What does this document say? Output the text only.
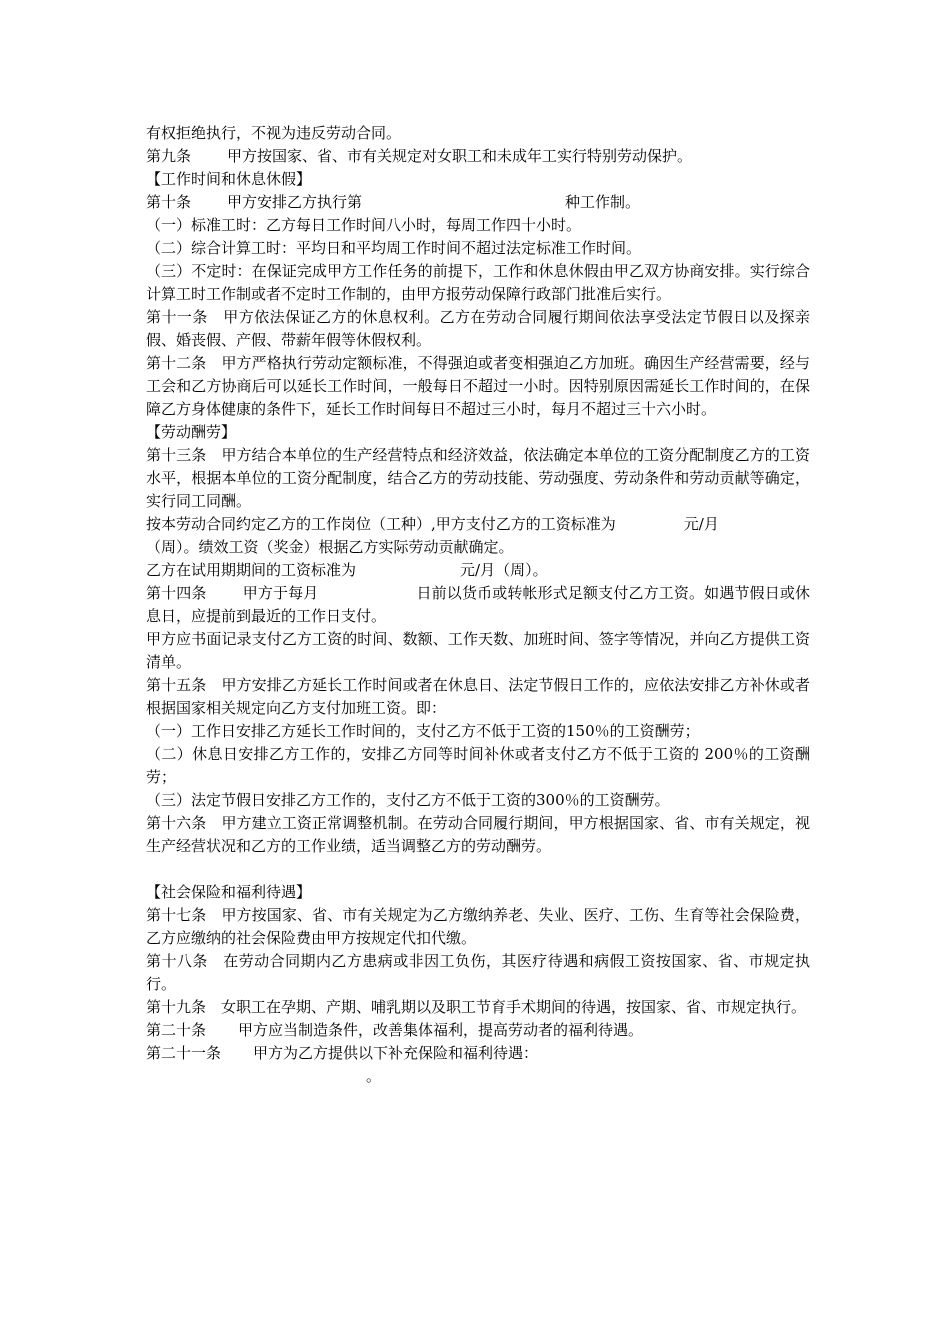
有权拒绝执行，不视为违反劳动合同。
第九条 甲方按国家、省、市有关规定对女职工和未成年工实行特别劳动保护。
【工作时间和休息休假】
第十条 甲方安排乙方执行第	种工作制。
（一）标准工时：乙方每日工作时间八小时，每周工作四十小时。
（二）综合计算工时：平均日和平均周工作时间不超过法定标准工作时间。
（三）不定时：在保证完成甲方工作任务的前提下，工作和休息休假由甲乙双方协商安排。实行综合计算工时工作制或者不定时工作制的，由甲方报劳动保障行政部门批准后实行。
第十一条 甲方依法保证乙方的休息权利。乙方在劳动合同履行期间依法享受法定节假日以及探亲假、婚丧假、产假、带薪年假等休假权利。
第十二条 甲方严格执行劳动定额标准，不得强迫或者变相强迫乙方加班。确因生产经营需要，经与工会和乙方协商后可以延长工作时间，一般每日不超过一小时。因特别原因需延长工作时间的，在保障乙方身体健康的条件下，延长工作时间每日不超过三小时，每月不超过三十六小时。
【劳动酬劳】
第十三条 甲方结合本单位的生产经营特点和经济效益，依法确定本单位的工资分配制度乙方的工资水平，根据本单位的工资分配制度，结合乙方的劳动技能、劳动强度、劳动条件和劳动贡献等确定，实行同工同酬。
按本劳动合同约定乙方的工作岗位（工种）,甲方支付乙方的工资标准为	元/月
（周）。绩效工资（奖金）根据乙方实际劳动贡献确定。
乙方在试用期期间的工资标准为	元/月（周）。
第十四条 甲方于每月	日前以货币或转帐形式足额支付乙方工资。如遇节假日或休息日，应提前到最近的工作日支付。
甲方应书面记录支付乙方工资的时间、数额、工作天数、加班时间、签字等情况，并向乙方提供工资清单。
第十五条 甲方安排乙方延长工作时间或者在休息日、法定节假日工作的，应依法安排乙方补休或者根据国家相关规定向乙方支付加班工资。即：
（一）工作日安排乙方延长工作时间的，支付乙方不低于工资的150％的工资酬劳；
（二）休息日安排乙方工作的，安排乙方同等时间补休或者支付乙方不低于工资的 200％的工资酬劳；
（三）法定节假日安排乙方工作的，支付乙方不低于工资的300％的工资酬劳。
第十六条 甲方建立工资正常调整机制。在劳动合同履行期间，甲方根据国家、省、市有关规定，视生产经营状况和乙方的工作业绩，适当调整乙方的劳动酬劳。
【社会保险和福利待遇】
第十七条 甲方按国家、省、市有关规定为乙方缴纳养老、失业、医疗、工伤、生育等社会保险费，乙方应缴纳的社会保险费由甲方按规定代扣代缴。
第十八条 在劳动合同期内乙方患病或非因工负伤，其医疗待遇和病假工资按国家、省、市规定执行。
第十九条 女职工在孕期、产期、哺乳期以及职工节育手术期间的待遇，按国家、省、市规定执行。
第二十条 甲方应当制造条件，改善集体福利，提高劳动者的福利待遇。
第二十一条 甲方为乙方提供以下补充保险和福利待遇：
。
